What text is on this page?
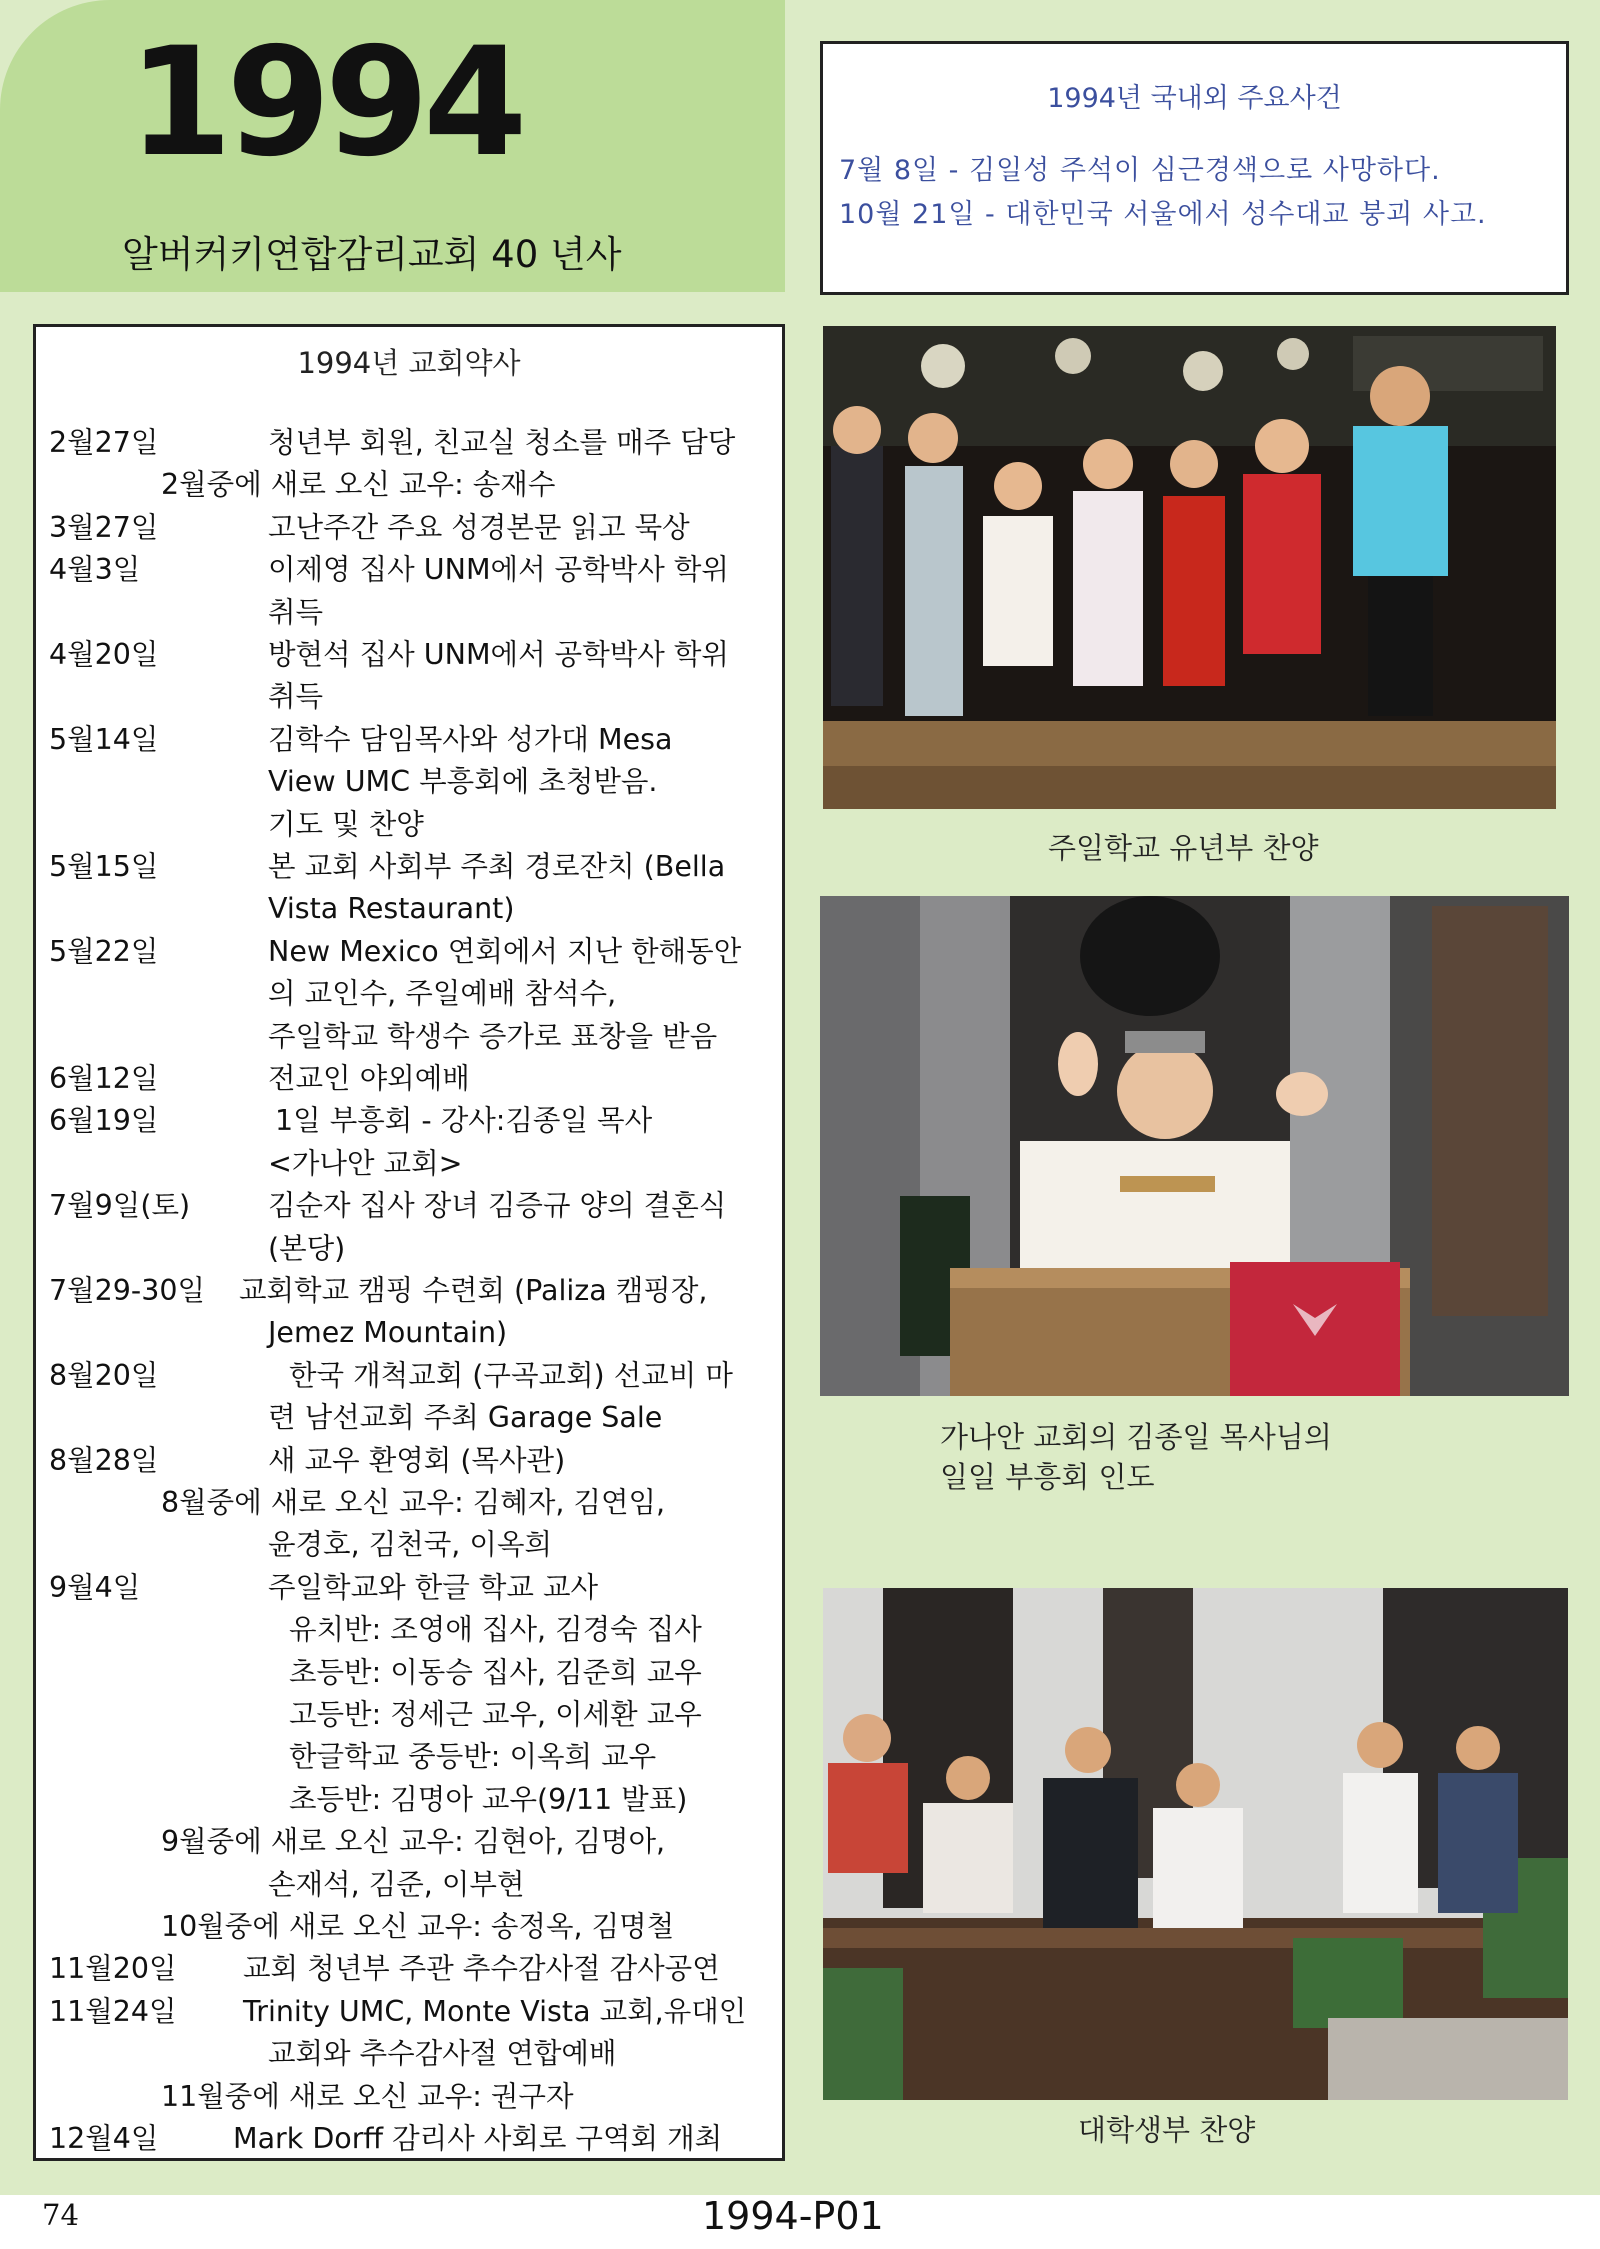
1994
알버커키연합감리교회 40 년사
1994년 국내외 주요사건
7월 8일 - 김일성 주석이 심근경색으로 사망하다.
10월 21일 - 대한민국 서울에서 성수대교 붕괴 사고.
1994년 교회약사
2월27일	청년부 회원, 친교실 청소를 매주 담당
2월중에 새로 오신 교우: 송재수
3월27일	고난주간 주요 성경본문 읽고 묵상
4월3일	이제영 집사 UNM에서 공학박사 학위
취득
4월20일	방현석 집사 UNM에서 공학박사 학위
취득
5월14일	김학수 담임목사와 성가대 Mesa
View UMC 부흥회에 초청받음.
기도 및 찬양
5월15일	본 교회 사회부 주최 경로잔치 (Bella
Vista Restaurant)
5월22일	New Mexico 연회에서 지난 한해동안
의 교인수, 주일예배 참석수,
주일학교 학생수 증가로 표창을 받음
6월12일	전교인 야외예배
6월19일	1일 부흥회 - 강사:김종일 목사
<가나안 교회>
7월9일(토)	김순자 집사 장녀 김증규 양의 결혼식
(본당)
7월29-30일 교회학교 캠핑 수련회 (Paliza 캠핑장,
Jemez Mountain)
8월20일	한국 개척교회 (구곡교회) 선교비 마
련 남선교회 주최 Garage Sale
8월28일	새 교우 환영회 (목사관)
8월중에 새로 오신 교우: 김혜자, 김연임,
윤경호, 김천국, 이옥희
9월4일	주일학교와 한글 학교 교사
유치반: 조영애 집사, 김경숙 집사
초등반: 이동승 집사, 김준희 교우
고등반: 정세근 교우, 이세환 교우
한글학교 중등반: 이옥희 교우
초등반: 김명아 교우(9/11 발표)
9월중에 새로 오신 교우: 김현아, 김명아,
손재석, 김준, 이부현
10월중에 새로 오신 교우: 송정옥, 김명철
11월20일 교회 청년부 주관 추수감사절 감사공연
11월24일 Trinity UMC, Monte Vista 교회,유대인
교회와 추수감사절 연합예배
11월중에 새로 오신 교우: 권구자
12월4일	Mark Dorff 감리사 사회로 구역회 개최
주일학교 유년부 찬양
가나안 교회의 김종일 목사님의
일일 부흥회 인도
대학생부 찬양
74	1994-P01
